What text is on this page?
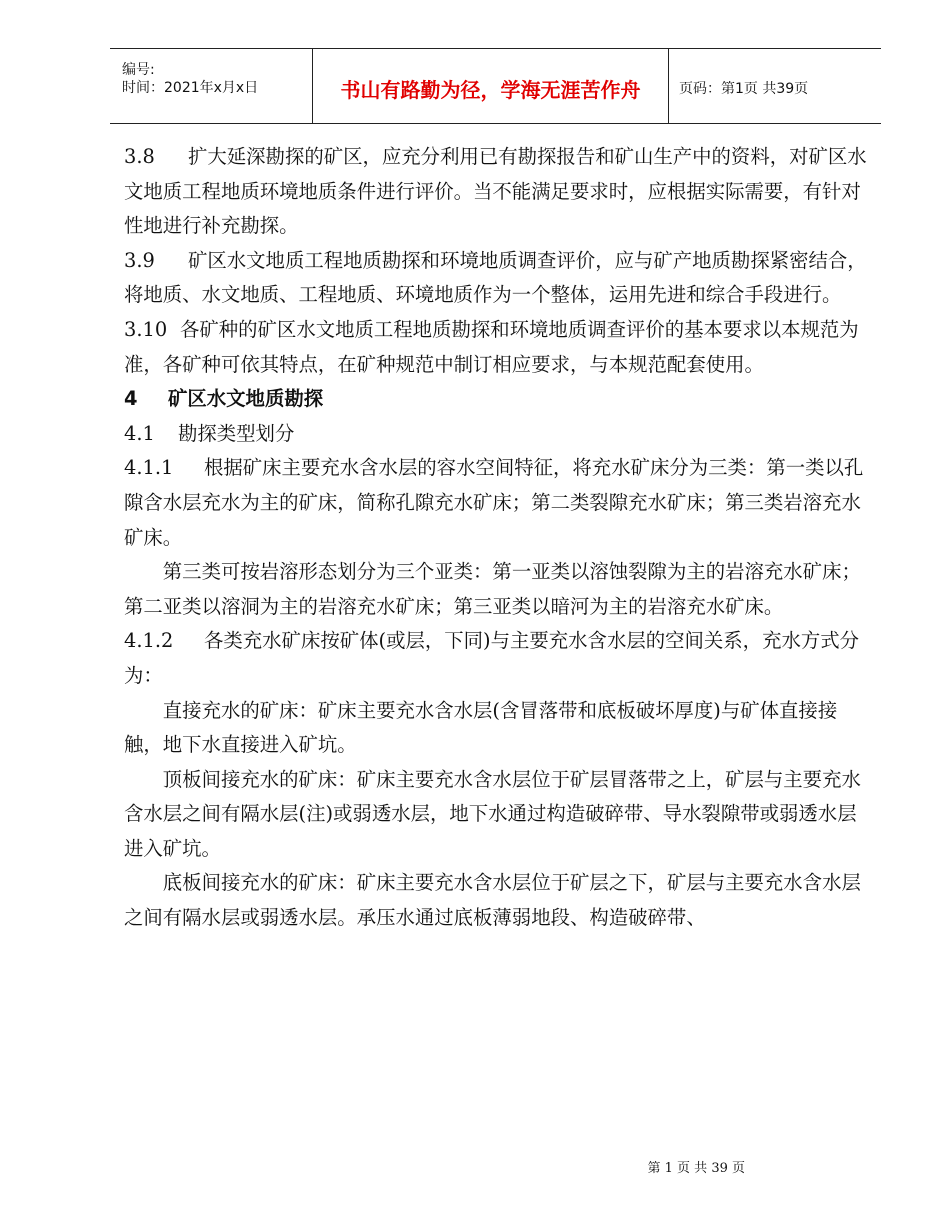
编号:
时间：2021年x月x日	书山有路勤为径，学海无涯苦作舟	页码：第1页 共39页

3.8 扩大延深勘探的矿区，应充分利用已有勘探报告和矿山生产中的资料，对矿区水文地质工程地质环境地质条件进行评价。当不能满足要求时，应根据实际需要，有针对性地进行补充勘探。

3.9 矿区水文地质工程地质勘探和环境地质调查评价，应与矿产地质勘探紧密结合，将地质、水文地质、工程地质、环境地质作为一个整体，运用先进和综合手段进行。

3.10 各矿种的矿区水文地质工程地质勘探和环境地质调查评价的基本要求以本规范为准，各矿种可依其特点，在矿种规范中制订相应要求，与本规范配套使用。

4 矿区水文地质勘探

4.1 勘探类型划分

4.1.1 根据矿床主要充水含水层的容水空间特征，将充水矿床分为三类：第一类以孔隙含水层充水为主的矿床，简称孔隙充水矿床；第二类裂隙充水矿床；第三类岩溶充水矿床。

第三类可按岩溶形态划分为三个亚类：第一亚类以溶蚀裂隙为主的岩溶充水矿床；第二亚类以溶洞为主的岩溶充水矿床；第三亚类以暗河为主的岩溶充水矿床。

4.1.2 各类充水矿床按矿体(或层，下同)与主要充水含水层的空间关系，充水方式分为：

直接充水的矿床：矿床主要充水含水层(含冒落带和底板破坏厚度)与矿体直接接触，地下水直接进入矿坑。

顶板间接充水的矿床：矿床主要充水含水层位于矿层冒落带之上，矿层与主要充水含水层之间有隔水层(注)或弱透水层，地下水通过构造破碎带、导水裂隙带或弱透水层进入矿坑。

底板间接充水的矿床：矿床主要充水含水层位于矿层之下，矿层与主要充水含水层之间有隔水层或弱透水层。承压水通过底板薄弱地段、构造破碎带、

第 1 页 共 39 页
